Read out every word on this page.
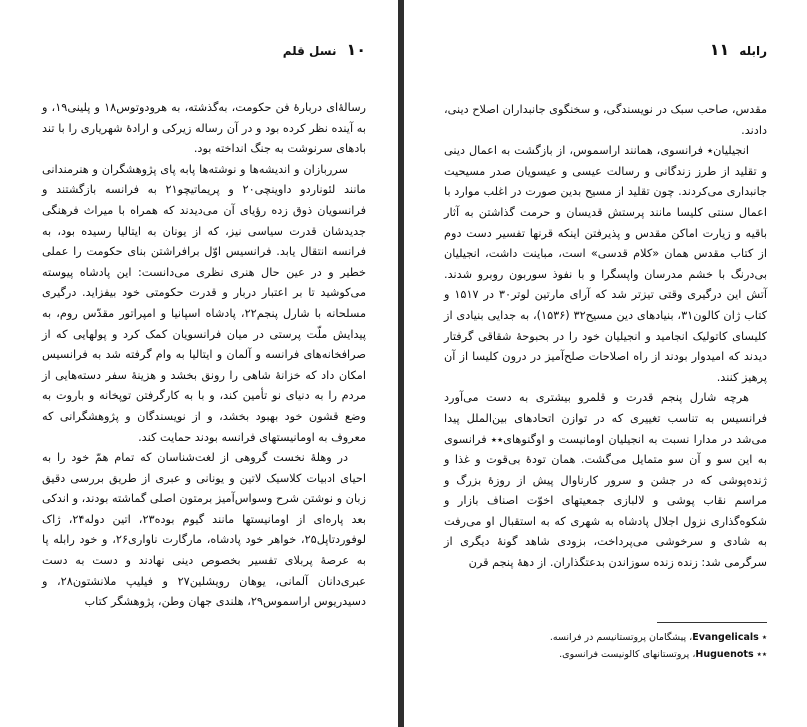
۱۰
نسل قلم

رسالهٔ‌ای دربارهٔ فن حکومت، به‌گذشته، به هرودوتوس۱۸ و پلینی۱۹، و به آینده نظر کرده بود و در آن رساله زیرکی و ارادهٔ شهریاری را با تند بادهای سرنوشت به جنگ انداخته بود.

سرربازان و اندیشه‌ها و نوشته‌ها پابه پای پژوهشگران و هنرمندانی مانند لئوناردو داوینچی۲۰ و پریماتیچو۲۱ به فرانسه بازگشتند و فرانسویان ذوق زده رؤیای آن می‌دیدند که همراه با میراث فرهنگی جدیدشان قدرت سیاسی نیز، که از یونان به ایتالیا رسیده بود، به فرانسه انتقال یابد. فرانسیس اوّل برافراشتن بنای حکومت را عملی خطیر و در عین حال هنری نظری می‌دانست: این پادشاه پیوسته می‌کوشید تا بر اعتبار دربار و قدرت حکومتی خود بیفزاید. درگیری مسلحانه با شارل پنجم۲۲، پادشاه اسپانیا و امپراتور مقدّس روم، به پیدایش ملّت پرستی در میان فرانسویان کمک کرد و پولهایی که از صرافخانه‌های فرانسه و آلمان و ایتالیا به وام گرفته شد به فرانسیس امکان داد که خزانهٔ شاهی را رونق بخشد و هزینهٔ سفر دسته‌هایی از مردم را به دنیای نو تأمین کند، و با به کارگرفتن توپخانه و باروت به وضع قشون خود بهبود بخشد، و از نویسندگان و پژوهشگرانی که معروف به اومانیستهای فرانسه بودند حمایت کند.

در وهلهٔ نخست گروهی از لغت‌شناسان که تمام همّ خود را به احیای ادبیات کلاسیک لاتین و یونانی و عبری از طریق بررسی دقیق زبان و نوشتن شرح وسواس‌آمیز برمتون اصلی گماشته بودند، و اندکی بعد پاره‌ای از اومانیستها مانند گیوم بوده۲۳، اتین دوله۲۴، ژاک لوفوردتاپل۲۵، خواهر خود پادشاه، مارگارت ناواری۲۶، و خود رابله پا به عرصهٔ پربلای تفسیر بخصوص دینی نهادند و دست به دست عبری‌دانان آلمانی، یوهان رویشلین۲۷ و فیلیپ ملانشتون۲۸، و دسیدریوس اراسموس۲۹، هلندی جهان وطن، پژوهشگر کتاب

رابله
۱۱

مقدس، صاحب سبک در نویسندگی، و سخنگوی جانبداران اصلاح دینی، دادند.

انجیلیان٭ فرانسوی، همانند اراسموس، از بازگشت به اعمال دینی و تقلید از طرز زندگانی و رسالت عیسی و عیسویان صدر مسیحیت جانبداری می‌کردند. چون تقلید از مسیح بدین صورت در اغلب موارد با اعمال سنتی کلیسا مانند پرستش قدیسان و حرمت گذاشتن به آثار باقیه و زیارت اماکن مقدس و پذیرفتن اینکه قرنها تفسیر دست دوم از کتاب مقدس همان «کلام قدسی» است، مباینت داشت، انجیلیان بی‌درنگ با خشم مدرسان واپسگرا و با نفوذ سوربون روبرو شدند. آتش این درگیری وقتی تیزتر شد که آرای مارتین لوتر۳۰ در ۱۵۱۷ و کتاب ژان کالون۳۱، بنیادهای دین مسیح۳۲ (۱۵۳۶)، به جدایی بنیادی از کلیسای کاتولیک انجامید و انجیلیان خود را در بحبوحهٔ شقاقی گرفتار دیدند که امیدوار بودند از راه اصلاحات صلح‌آمیز در درون کلیسا از آن پرهیز کنند.

هرچه شارل پنجم قدرت و قلمرو بیشتری به دست می‌آورد فرانسیس به تناسب تغییری که در توازن اتحادهای بین‌الملل پیدا می‌شد در مدارا نسبت به انجیلیان اومانیست و اوگنوهای٭٭ فرانسوی به این سو و آن سو متمایل می‌گشت. همان تودهٔ بی‌قوت و غذا و ژنده‌پوشی که در جشن و سرور کارناوال پیش از روزهٔ بزرگ و مراسم نقاب پوشی و لالبازی جمعیتهای اخوّت اصناف بازار و شکوه‌گذاری نزول اجلال پادشاه به شهری که به استقبال او می‌رفت به شادی و سرخوشی می‌پرداخت، بزودی شاهد گونهٔ دیگری از سرگرمی شد: زنده زنده سوزاندن بدعتگذاران. از دههٔ پنجم قرن

٭ Evangelicals، پیشگامان پروتستانیسم در فرانسه.

٭٭ Huguenots، پروتستانهای کالونیست فرانسوی.
